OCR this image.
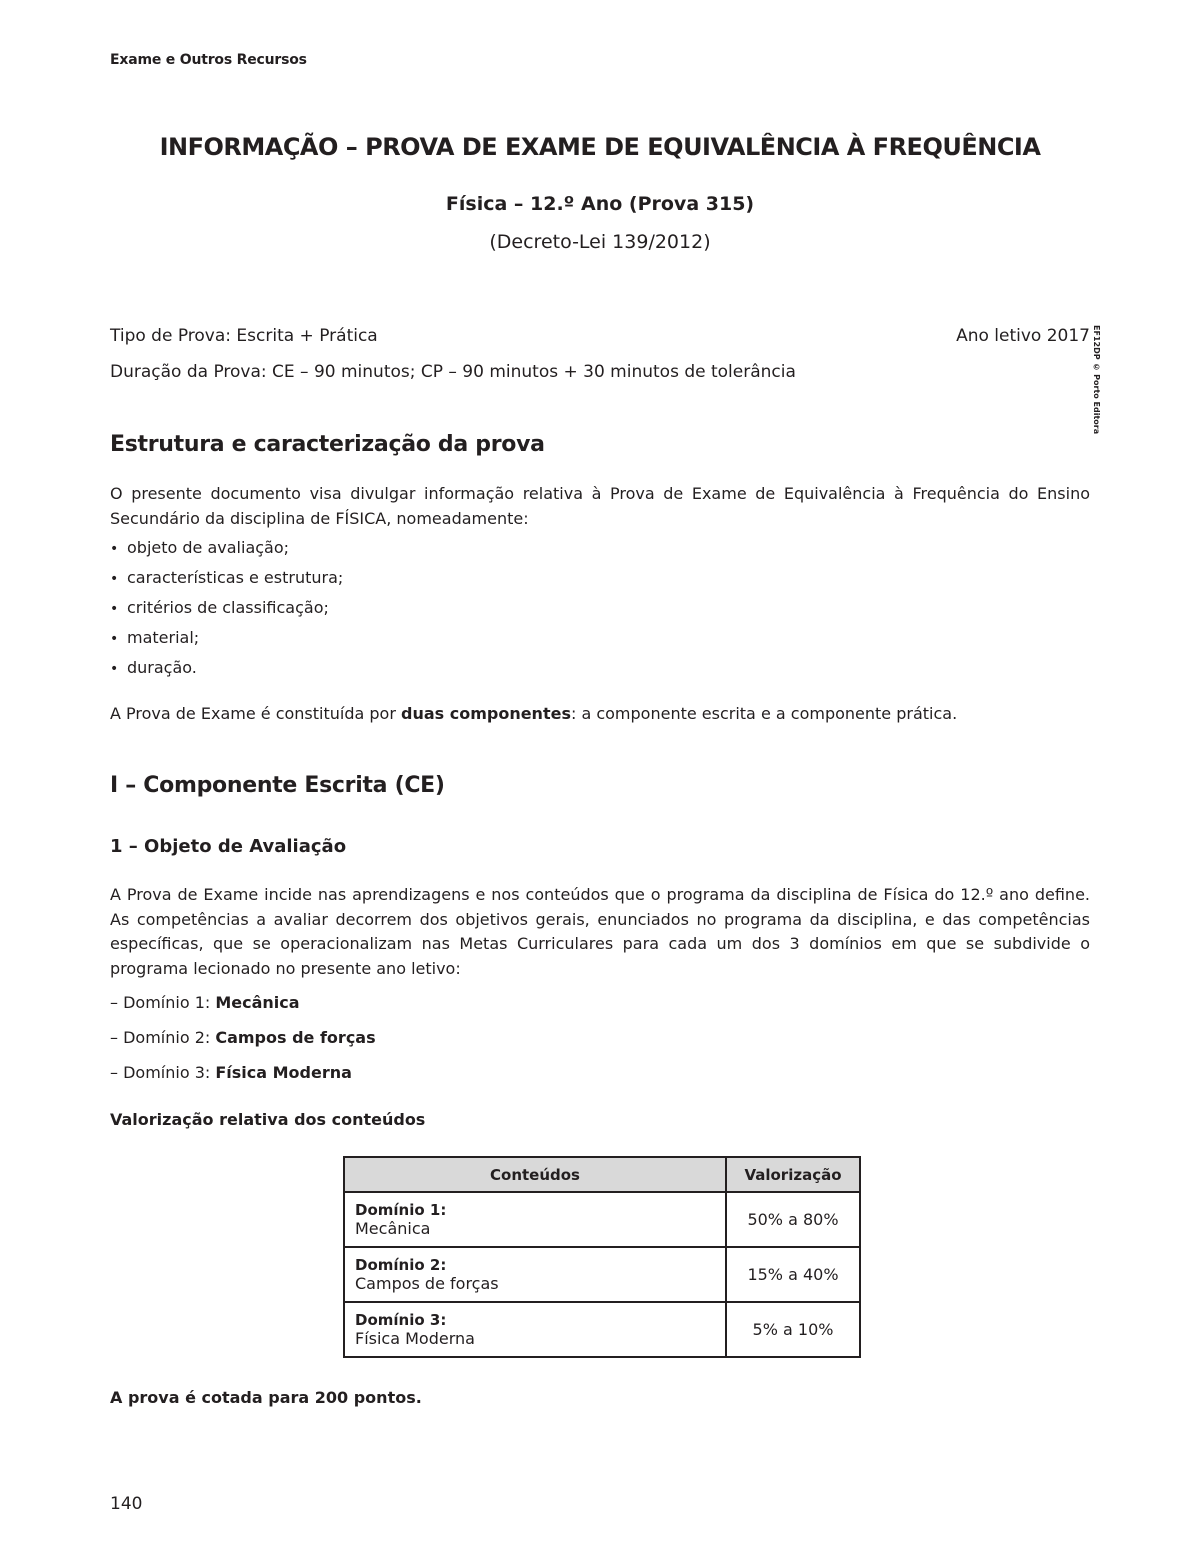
Exame e Outros Recursos
INFORMAÇÃO – PROVA DE EXAME DE EQUIVALÊNCIA À FREQUÊNCIA
Física – 12.º Ano (Prova 315)
(Decreto-Lei 139/2012)
Tipo de Prova: Escrita + Prática	Ano letivo 2017
Duração da Prova: CE – 90 minutos; CP – 90 minutos + 30 minutos de tolerância	EF12DP © Porto Editora
Estrutura e caracterização da prova
O presente documento visa divulgar informação relativa à Prova de Exame de Equivalência à Frequência do Ensino Secundário da disciplina de FÍSICA, nomeadamente:
• objeto de avaliação;
• características e estrutura;
• critérios de classificação;
• material;
• duração.
A Prova de Exame é constituída por duas componentes: a componente escrita e a componente prática.
I – Componente Escrita (CE)
1 – Objeto de Avaliação
A Prova de Exame incide nas aprendizagens e nos conteúdos que o programa da disciplina de Física do 12.º ano define. As competências a avaliar decorrem dos objetivos gerais, enunciados no programa da disciplina, e das competências específicas, que se operacionalizam nas Metas Curriculares para cada um dos 3 domínios em que se subdivide o programa lecionado no presente ano letivo:
– Domínio 1: Mecânica
– Domínio 2: Campos de forças
– Domínio 3: Física Moderna
Valorização relativa dos conteúdos
Conteúdos	Valorização

Domínio 1:
Mecânica	50% a 80%

Domínio 2:
Campos de forças	15% a 40%

Domínio 3:
Física Moderna	5% a 10%
A prova é cotada para 200 pontos.
140
